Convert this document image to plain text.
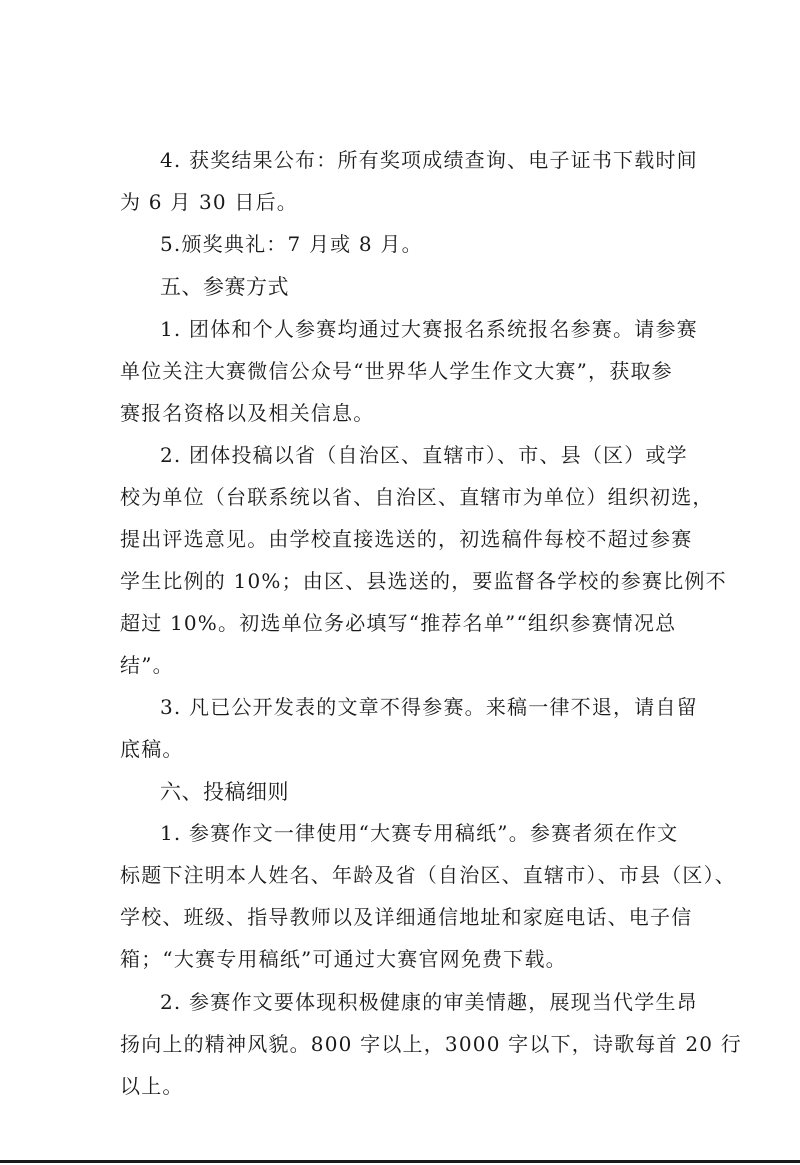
4. 获奖结果公布：所有奖项成绩查询、电子证书下载时间
为 6 月 30 日后。
5.颁奖典礼：7 月或 8 月。
五、参赛方式
1. 团体和个人参赛均通过大赛报名系统报名参赛。请参赛
单位关注大赛微信公众号“世界华人学生作文大赛”，获取参
赛报名资格以及相关信息。
2. 团体投稿以省（自治区、直辖市）、市、县（区）或学
校为单位（台联系统以省、自治区、直辖市为单位）组织初选，
提出评选意见。由学校直接选送的，初选稿件每校不超过参赛
学生比例的 10%；由区、县选送的，要监督各学校的参赛比例不
超过 10%。初选单位务必填写“推荐名单”“组织参赛情况总
结”。
3. 凡已公开发表的文章不得参赛。来稿一律不退，请自留
底稿。
六、投稿细则
1. 参赛作文一律使用“大赛专用稿纸”。参赛者须在作文
标题下注明本人姓名、年龄及省（自治区、直辖市）、市县（区）、
学校、班级、指导教师以及详细通信地址和家庭电话、电子信
箱；“大赛专用稿纸”可通过大赛官网免费下载。
2. 参赛作文要体现积极健康的审美情趣，展现当代学生昂
扬向上的精神风貌。800 字以上，3000 字以下，诗歌每首 20 行
以上。
